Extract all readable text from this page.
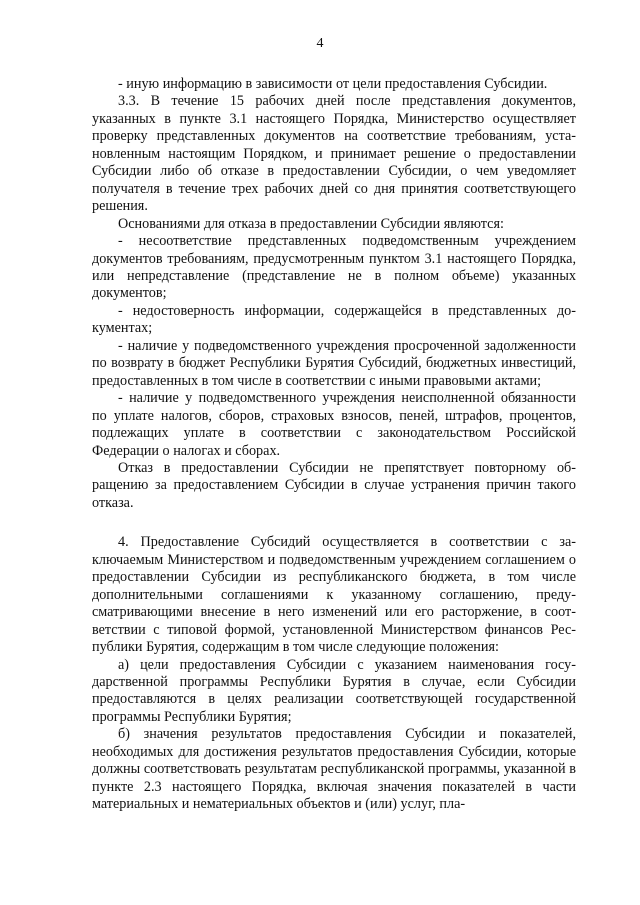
4

- иную информацию в зависимости от цели предоставления Субсидии.

3.3. В течение 15 рабочих дней после представления документов, указанных в пункте 3.1 настоящего Порядка, Министерство осуществляет проверку представленных документов на соответствие требованиям, установленным настоящим Порядком, и принимает решение о предоставлении Субсидии либо об отказе в предоставлении Субсидии, о чем уведомляет получателя в течение трех рабочих дней со дня принятия соответствующего решения.

Основаниями для отказа в предоставлении Субсидии являются:

- несоответствие представленных подведомственным учреждением документов требованиям, предусмотренным пунктом 3.1 настоящего Порядка, или непредставление (представление не в полном объеме) указанных документов;

- недостоверность информации, содержащейся в представленных документах;

- наличие у подведомственного учреждения просроченной задолженности по возврату в бюджет Республики Бурятия Субсидий, бюджетных инвестиций, предоставленных в том числе в соответствии с иными правовыми актами;

- наличие у подведомственного учреждения неисполненной обязанности по уплате налогов, сборов, страховых взносов, пеней, штрафов, процентов, подлежащих уплате в соответствии с законодательством Российской Федерации о налогах и сборах.

Отказ в предоставлении Субсидии не препятствует повторному обращению за предоставлением Субсидии в случае устранения причин такого отказа.

4. Предоставление Субсидий осуществляется в соответствии с заключаемым Министерством и подведомственным учреждением соглашением о предоставлении Субсидии из республиканского бюджета, в том числе дополнительными соглашениями к указанному соглашению, предусматривающими внесение в него изменений или его расторжение, в соответствии с типовой формой, установленной Министерством финансов Республики Бурятия, содержащим в том числе следующие положения:

а) цели предоставления Субсидии с указанием наименования государственной программы Республики Бурятия в случае, если Субсидии предоставляются в целях реализации соответствующей государственной программы Республики Бурятия;

б) значения результатов предоставления Субсидии и показателей, необходимых для достижения результатов предоставления Субсидии, которые должны соответствовать результатам республиканской программы, указанной в пункте 2.3 настоящего Порядка, включая значения показателей в части материальных и нематериальных объектов и (или) услуг, пла-
